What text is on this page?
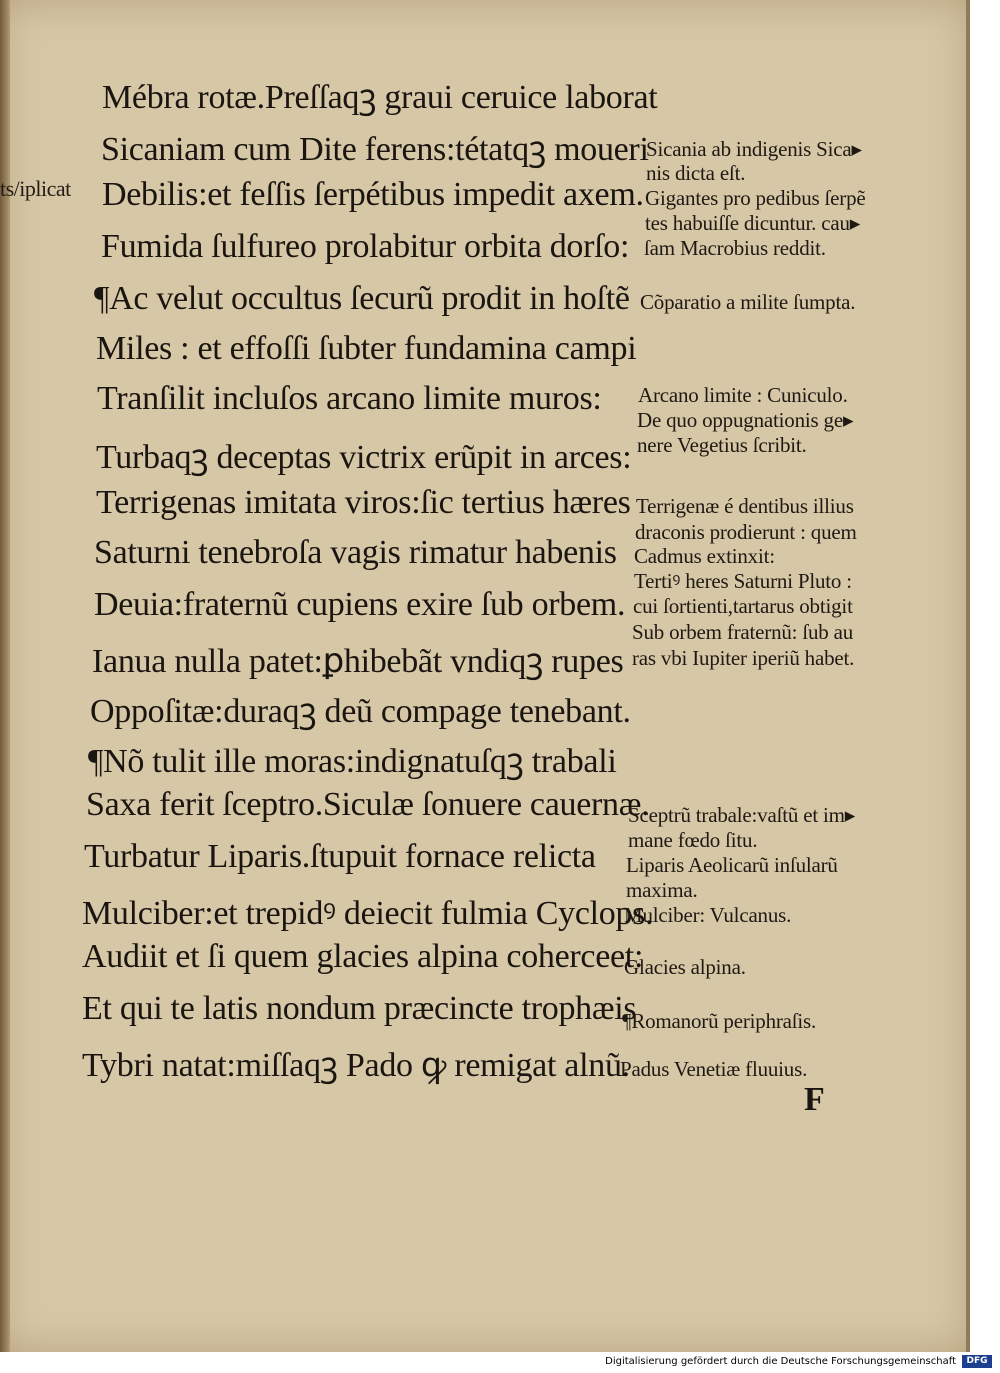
ts/iplicat
Mébra rotæ.Preſſaqꝫ graui ceruice laborat
Sicaniam cum Dite ferens:tétatqꝫ moueri
Debilis:et feſſis ſerpétibus impedit axem.
Fumida ſulfureo prolabitur orbita dorſo:
¶Ac velut occultus ſecurũ prodit in hoſtẽ
Miles : et effoſſi ſubter fundamina campi
Tranſilit incluſos arcano limite muros:
Turbaqꝫ deceptas victrix erũpit in arces:
Terrigenas imitata viros:ſic tertius hæres
Saturni tenebroſa vagis rimatur habenis
Deuia:fraternũ cupiens exire ſub orbem.
Ianua nulla patet:ꝑhibebãt vndiqꝫ rupes
Oppoſitæ:duraqꝫ deũ compage tenebant.
¶Nõ tulit ille moras:indignatuſqꝫ trabali
Saxa ferit ſceptro.Siculæ ſonuere cauernæ.
Turbatur Liparis.ſtupuit fornace relicta
Mulciber:et trepidꝰ deiecit fulmia Cyclops.
Audiit et ſi quem glacies alpina coherceet:
Et qui te latis nondum præcincte trophæis
Tybri natat:miſſaqꝫ Pado ꝙ remigat alnũ.
Sicania ab indigenis Sica▸
nis dicta eſt.
Gigantes pro pedibus ſerpẽ
tes habuiſſe dicuntur. cau▸
ſam Macrobius reddit.
Cõparatio a milite ſumpta.
Arcano limite : Cuniculo.
De quo oppugnationis ge▸
nere Vegetius ſcribit.
Terrigenæ é dentibus illius
draconis prodierunt : quem
Cadmus extinxit:
Tertiꝰ heres Saturni Pluto :
cui ſortienti,tartarus obtigit
Sub orbem fraternũ: ſub au
ras vbi Iupiter iperiũ habet.
Sceptrũ trabale:vaſtũ et im▸
mane fœdo ſitu.
Liparis Aeolicarũ inſularũ
maxima.
Mulciber: Vulcanus.
Glacies alpina.
¶Romanorũ periphraſis.
Padus Venetiæ fluuius.
F
Digitalisierung gefördert durch die Deutsche Forschungsgemeinschaft	DFG
